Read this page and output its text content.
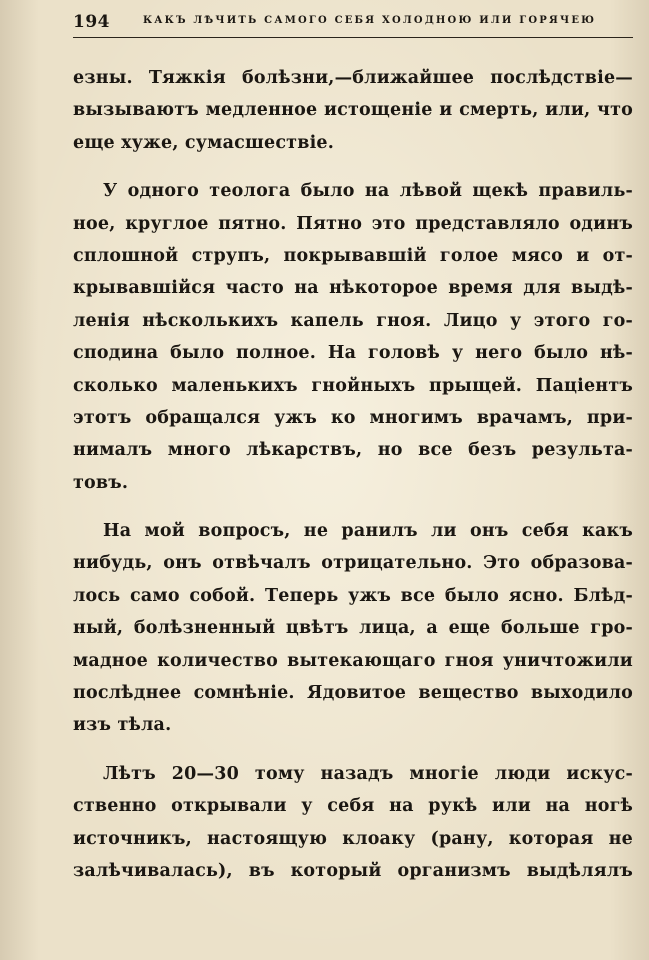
194	КАКЪ ЛѢЧИТЬ САМОГО СЕБЯ ХОЛОДНОЮ ИЛИ ГОРЯЧЕЮ
езны. Тяжкія болѣзни,—ближайшее послѣдствіе—
вызываютъ медленное истощеніе и смерть, или, что
еще хуже, сумасшествіе.
У одного теолога было на лѣвой щекѣ правиль-
ное, круглое пятно. Пятно это представляло одинъ
сплошной струпъ, покрывавшій голое мясо и от-
крывавшійся часто на нѣкоторое время для выдѣ-
ленія нѣсколькихъ капель гноя. Лицо у этого го-
сподина было полное. На головѣ у него было нѣ-
сколько маленькихъ гнойныхъ прыщей. Паціентъ
этотъ обращался ужъ ко многимъ врачамъ, при-
нималъ много лѣкарствъ, но все безъ результа-
товъ.
На мой вопросъ, не ранилъ ли онъ себя какъ
нибудь, онъ отвѣчалъ отрицательно. Это образова-
лось само собой. Теперь ужъ все было ясно. Блѣд-
ный, болѣзненный цвѣтъ лица, а еще больше гро-
мадное количество вытекающаго гноя уничтожили
послѣднее сомнѣніе. Ядовитое вещество выходило
изъ тѣла.
Лѣтъ 20—30 тому назадъ многіе люди искус-
ственно открывали у себя на рукѣ или на ногѣ
источникъ, настоящую клоаку (рану, которая не
залѣчивалась), въ который организмъ выдѣлялъ
